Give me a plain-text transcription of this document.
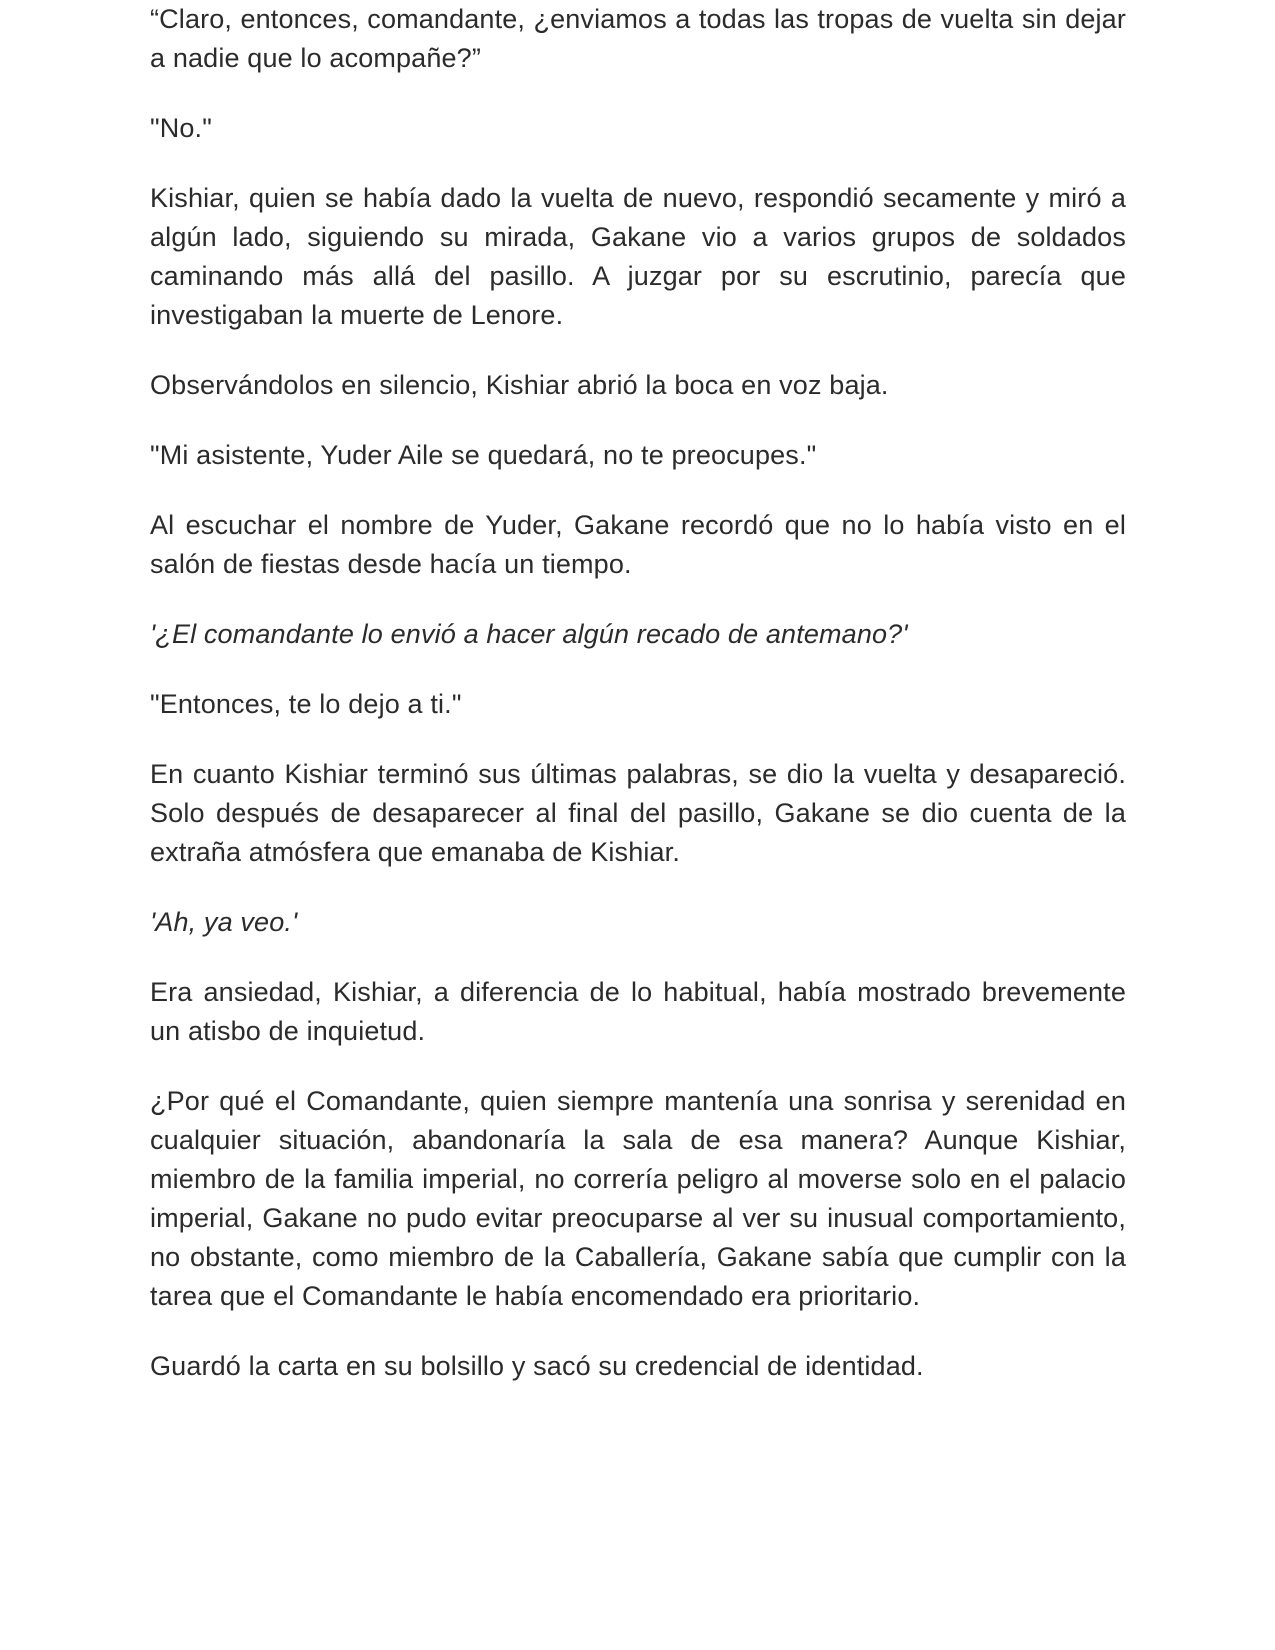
“Claro, entonces, comandante, ¿enviamos a todas las tropas de vuelta sin dejar a nadie que lo acompañe?”

"No."

Kishiar, quien se había dado la vuelta de nuevo, respondió secamente y miró a algún lado, siguiendo su mirada, Gakane vio a varios grupos de soldados caminando más allá del pasillo. A juzgar por su escrutinio, parecía que investigaban la muerte de Lenore.

Observándolos en silencio, Kishiar abrió la boca en voz baja.

"Mi asistente, Yuder Aile se quedará, no te preocupes."

Al escuchar el nombre de Yuder, Gakane recordó que no lo había visto en el salón de fiestas desde hacía un tiempo.

'¿El comandante lo envió a hacer algún recado de antemano?'

"Entonces, te lo dejo a ti."

En cuanto Kishiar terminó sus últimas palabras, se dio la vuelta y desapareció. Solo después de desaparecer al final del pasillo, Gakane se dio cuenta de la extraña atmósfera que emanaba de Kishiar.

'Ah, ya veo.'

Era ansiedad, Kishiar, a diferencia de lo habitual, había mostrado brevemente un atisbo de inquietud.

¿Por qué el Comandante, quien siempre mantenía una sonrisa y serenidad en cualquier situación, abandonaría la sala de esa manera? Aunque Kishiar, miembro de la familia imperial, no correría peligro al moverse solo en el palacio imperial, Gakane no pudo evitar preocuparse al ver su inusual comportamiento, no obstante, como miembro de la Caballería, Gakane sabía que cumplir con la tarea que el Comandante le había encomendado era prioritario.

Guardó la carta en su bolsillo y sacó su credencial de identidad.
